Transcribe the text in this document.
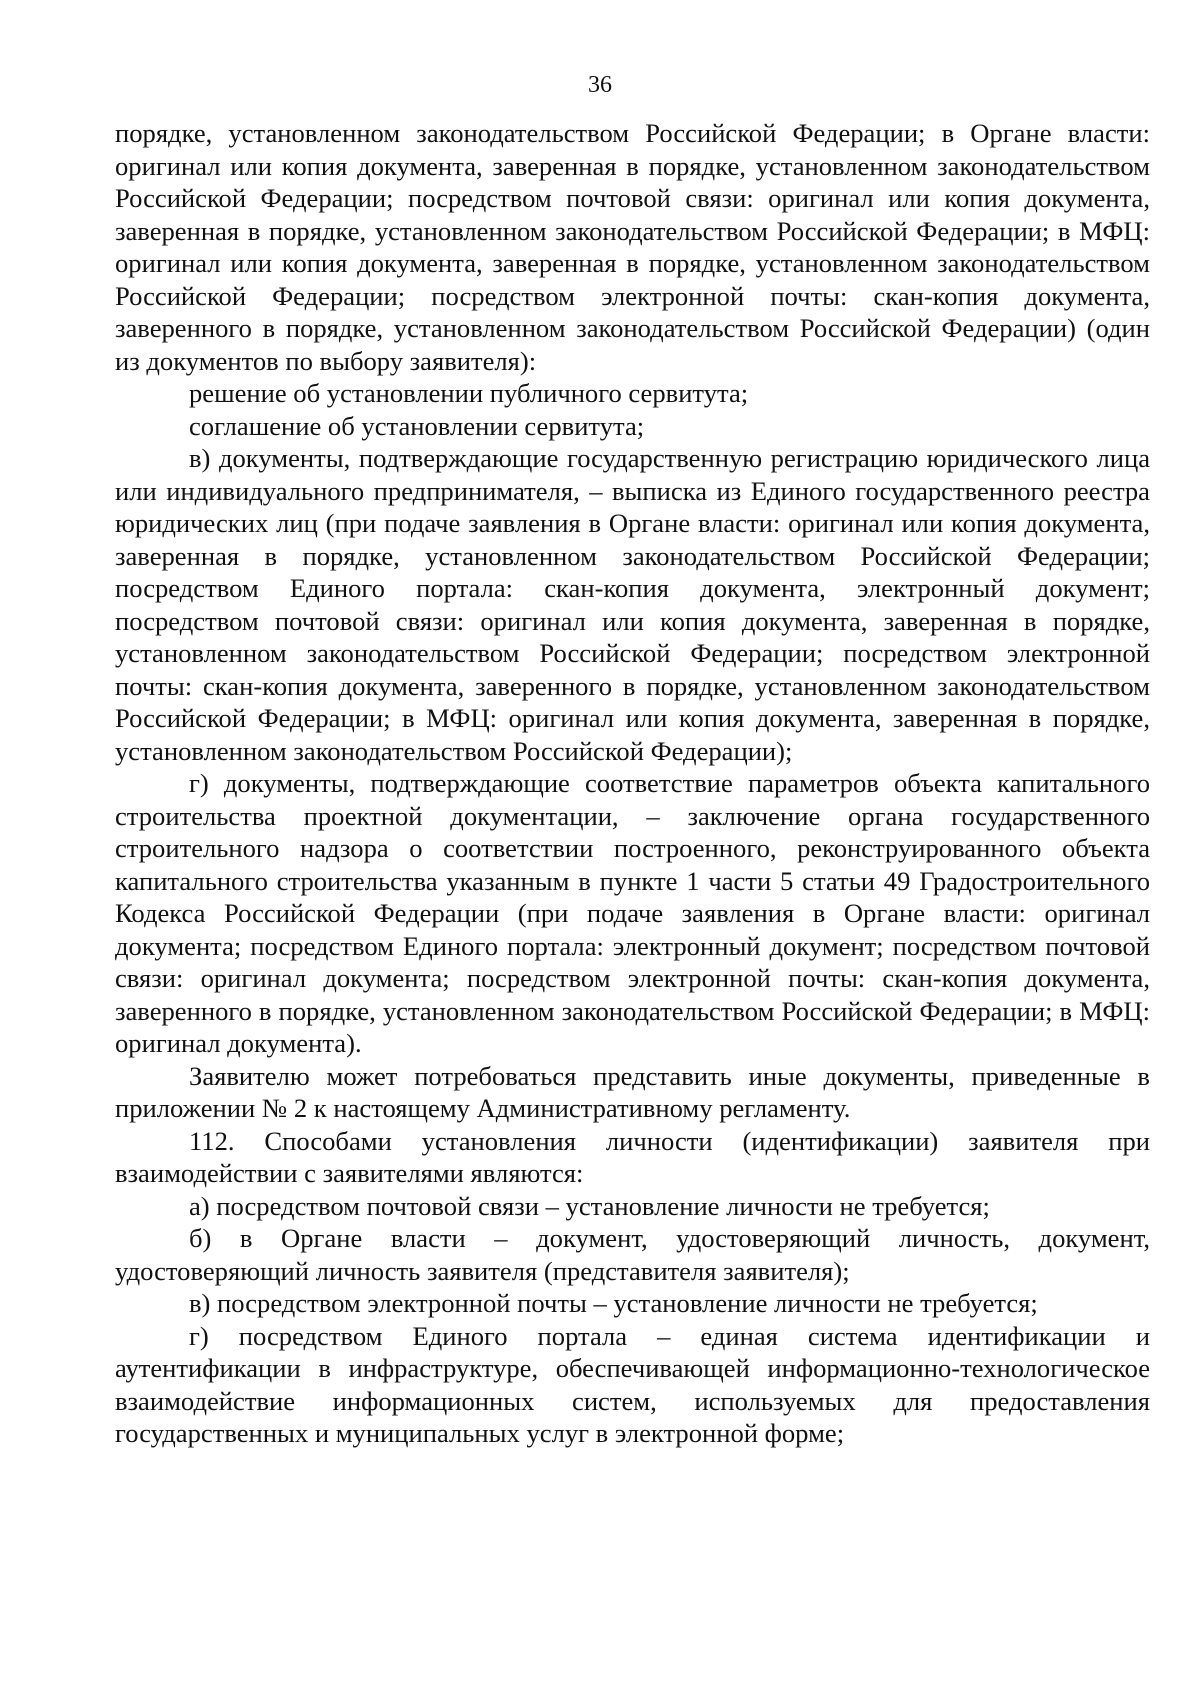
36

порядке, установленном законодательством Российской Федерации; в Органе власти: оригинал или копия документа, заверенная в порядке, установленном законодательством Российской Федерации; посредством почтовой связи: оригинал или копия документа, заверенная в порядке, установленном законодательством Российской Федерации; в МФЦ: оригинал или копия документа, заверенная в порядке, установленном законодательством Российской Федерации; посредством электронной почты: скан-копия документа, заверенного в порядке, установленном законодательством Российской Федерации) (один из документов по выбору заявителя):

решение об установлении публичного сервитута;

соглашение об установлении сервитута;

в) документы, подтверждающие государственную регистрацию юридического лица или индивидуального предпринимателя, – выписка из Единого государственного реестра юридических лиц (при подаче заявления в Органе власти: оригинал или копия документа, заверенная в порядке, установленном законодательством Российской Федерации; посредством Единого портала: скан-копия документа, электронный документ; посредством почтовой связи: оригинал или копия документа, заверенная в порядке, установленном законодательством Российской Федерации; посредством электронной почты: скан-копия документа, заверенного в порядке, установленном законодательством Российской Федерации; в МФЦ: оригинал или копия документа, заверенная в порядке, установленном законодательством Российской Федерации);

г) документы, подтверждающие соответствие параметров объекта капитального строительства проектной документации, – заключение органа государственного строительного надзора о соответствии построенного, реконструированного объекта капитального строительства указанным в пункте 1 части 5 статьи 49 Градостроительного Кодекса Российской Федерации (при подаче заявления в Органе власти: оригинал документа; посредством Единого портала: электронный документ; посредством почтовой связи: оригинал документа; посредством электронной почты: скан-копия документа, заверенного в порядке, установленном законодательством Российской Федерации; в МФЦ: оригинал документа).

Заявителю может потребоваться представить иные документы, приведенные в приложении № 2 к настоящему Административному регламенту.

112. Способами установления личности (идентификации) заявителя при взаимодействии с заявителями являются:

а) посредством почтовой связи – установление личности не требуется;

б) в Органе власти – документ, удостоверяющий личность, документ, удостоверяющий личность заявителя (представителя заявителя);

в) посредством электронной почты – установление личности не требуется;

г) посредством Единого портала – единая система идентификации и аутентификации в инфраструктуре, обеспечивающей информационно-технологическое взаимодействие информационных систем, используемых для предоставления государственных и муниципальных услуг в электронной форме;
